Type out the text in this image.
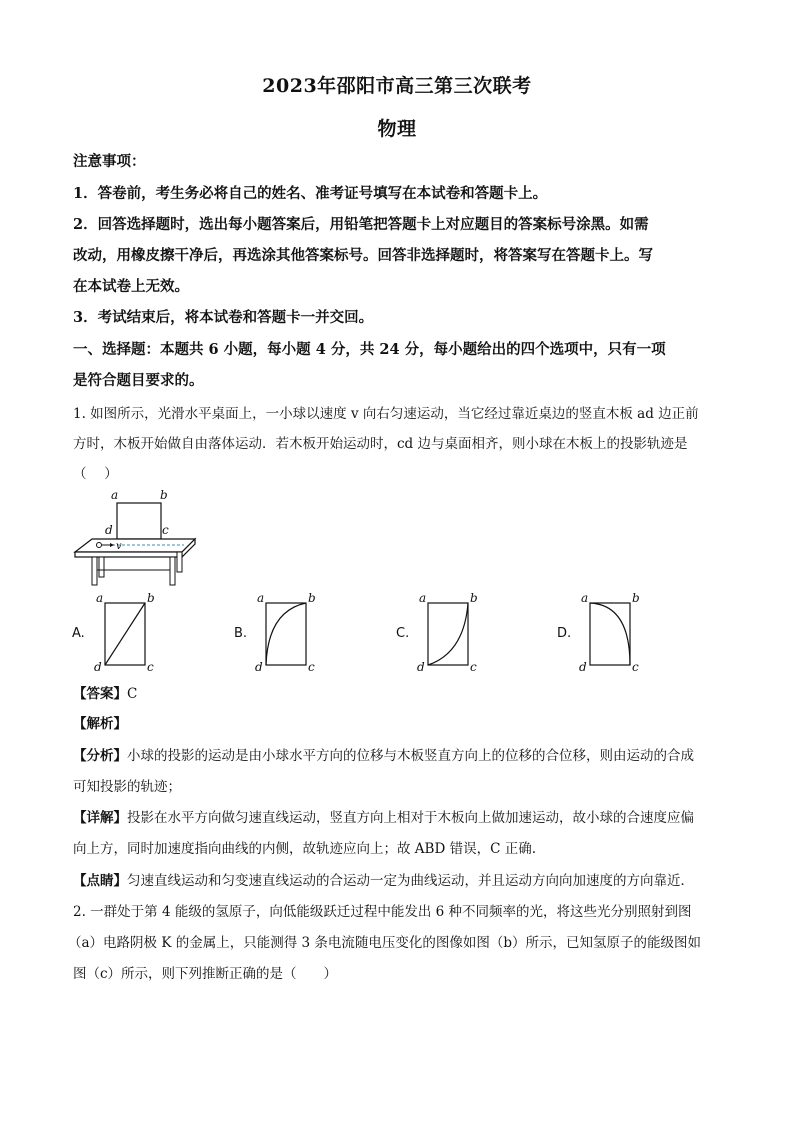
2023年邵阳市高三第三次联考
物理
注意事项：
1．答卷前，考生务必将自己的姓名、准考证号填写在本试卷和答题卡上。
2．回答选择题时，选出每小题答案后，用铅笔把答题卡上对应题目的答案标号涂黑。如需
改动，用橡皮擦干净后，再选涂其他答案标号。回答非选择题时，将答案写在答题卡上。写
在本试卷上无效。
3．考试结束后，将本试卷和答题卡一并交回。
一、选择题：本题共 6 小题，每小题 4 分，共 24 分，每小题给出的四个选项中，只有一项
是符合题目要求的。
1. 如图所示，光滑水平桌面上，一小球以速度 v 向右匀速运动，当它经过靠近桌边的竖直木板 ad 边正前
方时，木板开始做自由落体运动．若木板开始运动时，cd 边与桌面相齐，则小球在木板上的投影轨迹是
（　 ）
a	b
d	c
v
A.
a	b
d	c
B.
a	b
d	c
C.
a	b
d	c
D.
a	b
d	c
【答案】C
【解析】
【分析】小球的投影的运动是由小球水平方向的位移与木板竖直方向上的位移的合位移，则由运动的合成
可知投影的轨迹；
【详解】投影在水平方向做匀速直线运动，竖直方向上相对于木板向上做加速运动，故小球的合速度应偏
向上方，同时加速度指向曲线的内侧，故轨迹应向上；故 ABD 错误，C 正确.
【点睛】匀速直线运动和匀变速直线运动的合运动一定为曲线运动，并且运动方向向加速度的方向靠近．
2. 一群处于第 4 能级的氢原子，向低能级跃迁过程中能发出 6 种不同频率的光，将这些光分别照射到图
（a）电路阴极 K 的金属上，只能测得 3 条电流随电压变化的图像如图（b）所示，已知氢原子的能级图如
图（c）所示，则下列推断正确的是（　　）
